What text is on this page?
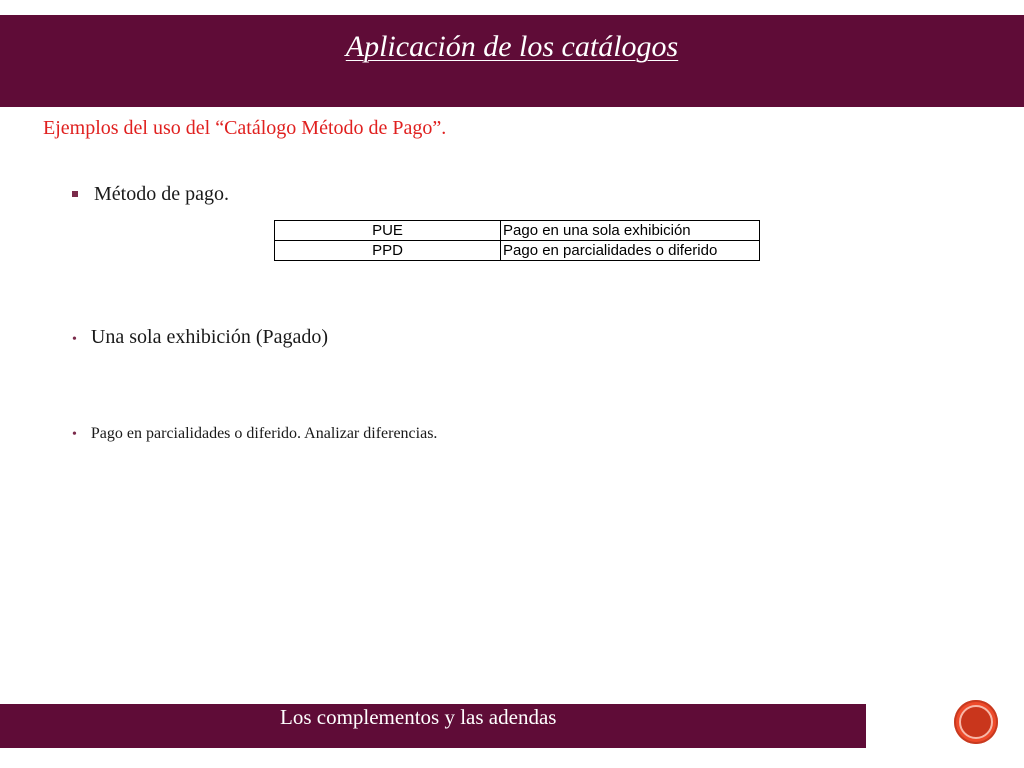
Aplicación de los catálogos
Ejemplos del uso del “Catálogo Método de Pago”.
Método de pago.
PUE	Pago en una sola exhibición
PPD	Pago en parcialidades o diferido
• Una sola exhibición (Pagado)
• Pago en parcialidades o diferido. Analizar diferencias.
Los complementos y las adendas
